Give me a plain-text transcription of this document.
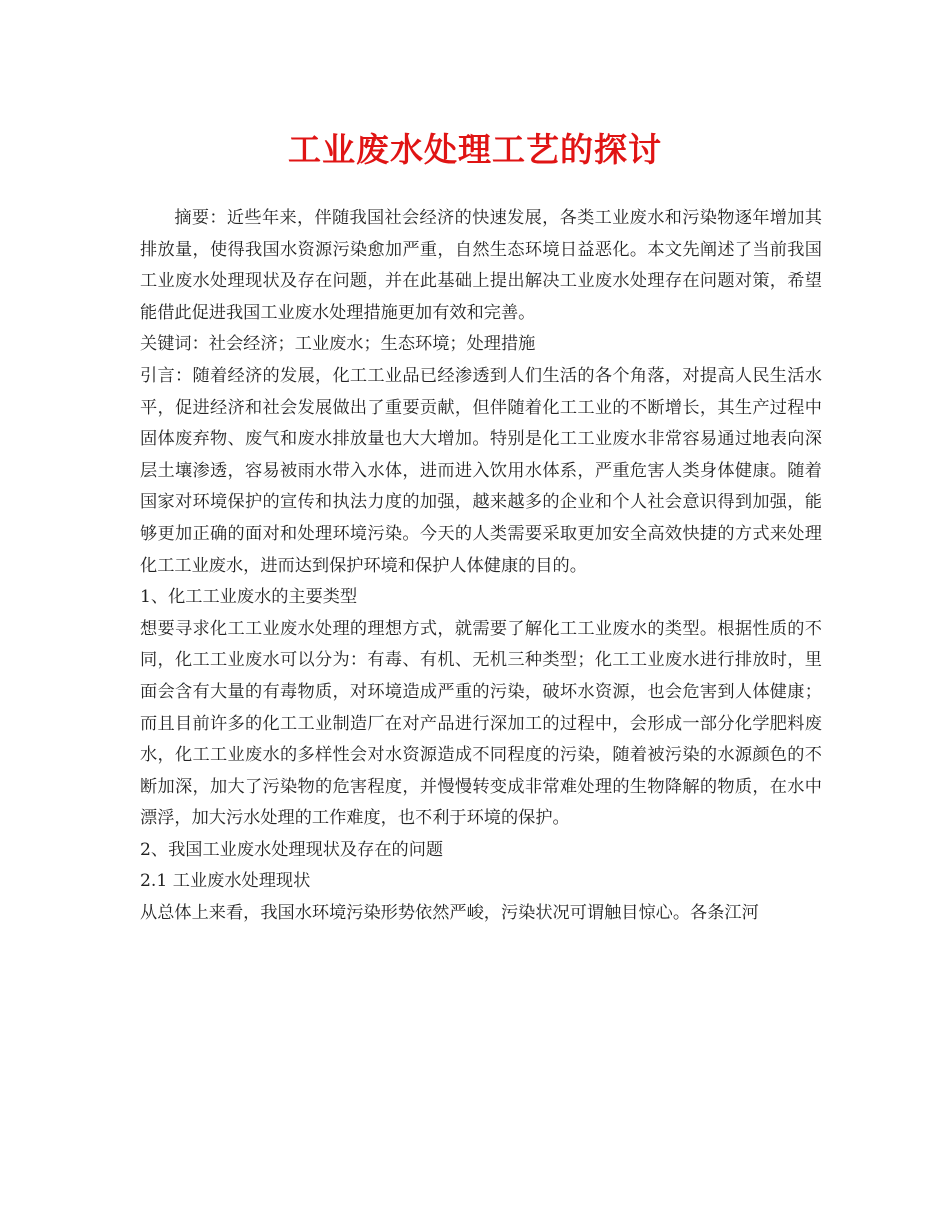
工业废水处理工艺的探讨

摘要：近些年来，伴随我国社会经济的快速发展，各类工业废水和污染物逐年增加其排放量，使得我国水资源污染愈加严重，自然生态环境日益恶化。本文先阐述了当前我国工业废水处理现状及存在问题，并在此基础上提出解决工业废水处理存在问题对策，希望能借此促进我国工业废水处理措施更加有效和完善。

关键词：社会经济；工业废水；生态环境；处理措施

引言：随着经济的发展，化工工业品已经渗透到人们生活的各个角落，对提高人民生活水平，促进经济和社会发展做出了重要贡献，但伴随着化工工业的不断增长，其生产过程中固体废弃物、废气和废水排放量也大大增加。特别是化工工业废水非常容易通过地表向深层土壤渗透，容易被雨水带入水体，进而进入饮用水体系，严重危害人类身体健康。随着国家对环境保护的宣传和执法力度的加强，越来越多的企业和个人社会意识得到加强，能够更加正确的面对和处理环境污染。今天的人类需要采取更加安全高效快捷的方式来处理化工工业废水，进而达到保护环境和保护人体健康的目的。

1、化工工业废水的主要类型

想要寻求化工工业废水处理的理想方式，就需要了解化工工业废水的类型。根据性质的不同，化工工业废水可以分为：有毒、有机、无机三种类型；化工工业废水进行排放时，里面会含有大量的有毒物质，对环境造成严重的污染，破坏水资源，也会危害到人体健康；而且目前许多的化工工业制造厂在对产品进行深加工的过程中，会形成一部分化学肥料废水，化工工业废水的多样性会对水资源造成不同程度的污染，随着被污染的水源颜色的不断加深，加大了污染物的危害程度，并慢慢转变成非常难处理的生物降解的物质，在水中漂浮，加大污水处理的工作难度，也不利于环境的保护。

2、我国工业废水处理现状及存在的问题

2.1 工业废水处理现状

从总体上来看，我国水环境污染形势依然严峻，污染状况可谓触目惊心。各条江河
